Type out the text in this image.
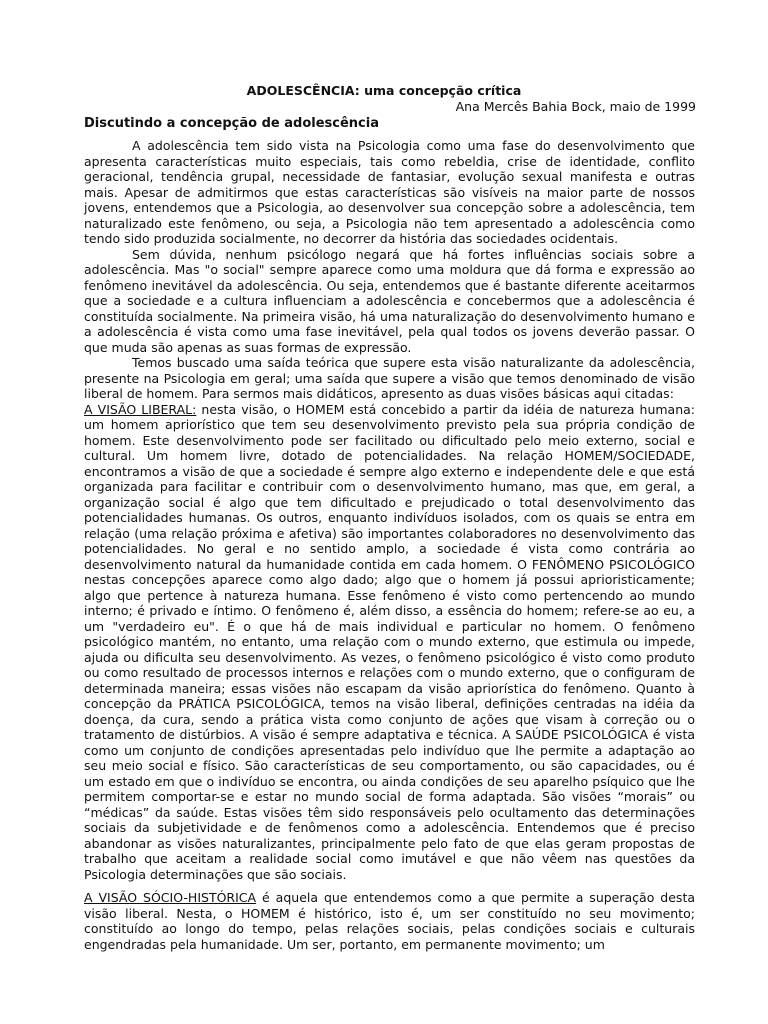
ADOLESCÊNCIA: uma concepção crítica
Ana Mercês Bahia Bock, maio de 1999
Discutindo a concepção de adolescência

A adolescência tem sido vista na Psicologia como uma fase do desenvolvimento que apresenta características muito especiais, tais como rebeldia, crise de identidade, conflito geracional, tendência grupal, necessidade de fantasiar, evolução sexual manifesta e outras mais. Apesar de admitirmos que estas características são visíveis na maior parte de nossos jovens, entendemos que a Psicologia, ao desenvolver sua concepção sobre a adolescência, tem naturalizado este fenômeno, ou seja, a Psicologia não tem apresentado a adolescência como tendo sido produzida socialmente, no decorrer da história das sociedades ocidentais.

Sem dúvida, nenhum psicólogo negará que há fortes influências sociais sobre a adolescência. Mas "o social" sempre aparece como uma moldura que dá forma e expressão ao fenômeno inevitável da adolescência. Ou seja, entendemos que é bastante diferente aceitarmos que a sociedade e a cultura influenciam a adolescência e concebermos que a adolescência é constituída socialmente. Na primeira visão, há uma naturalização do desenvolvimento humano e a adolescência é vista como uma fase inevitável, pela qual todos os jovens deverão passar. O que muda são apenas as suas formas de expressão.

Temos buscado uma saída teórica que supere esta visão naturalizante da adolescência, presente na Psicologia em geral; uma saída que supere a visão que temos denominado de visão liberal de homem. Para sermos mais didáticos, apresento as duas visões básicas aqui citadas:

A VISÃO LIBERAL: nesta visão, o HOMEM está concebido a partir da idéia de natureza humana: um homem apriorístico que tem seu desenvolvimento previsto pela sua própria condição de homem. Este desenvolvimento pode ser facilitado ou dificultado pelo meio externo, social e cultural. Um homem livre, dotado de potencialidades. Na relação HOMEM/SOCIEDADE, encontramos a visão de que a sociedade é sempre algo externo e independente dele e que está organizada para facilitar e contribuir com o desenvolvimento humano, mas que, em geral, a organização social é algo que tem dificultado e prejudicado o total desenvolvimento das potencialidades humanas. Os outros, enquanto indivíduos isolados, com os quais se entra em relação (uma relação próxima e afetiva) são importantes colaboradores no desenvolvimento das potencialidades. No geral e no sentido amplo, a sociedade é vista como contrária ao desenvolvimento natural da humanidade contida em cada homem. O FENÔMENO PSICOLÓGICO nestas concepções aparece como algo dado; algo que o homem já possui aprioristicamente; algo que pertence à natureza humana. Esse fenômeno é visto como pertencendo ao mundo interno; é privado e íntimo. O fenômeno é, além disso, a essência do homem; refere-se ao eu, a um "verdadeiro eu". É o que há de mais individual e particular no homem. O fenômeno psicológico mantém, no entanto, uma relação com o mundo externo, que estimula ou impede, ajuda ou dificulta seu desenvolvimento. As vezes, o fenômeno psicológico é visto como produto ou como resultado de processos internos e relações com o mundo externo, que o configuram de determinada maneira; essas visões não escapam da visão apriorística do fenômeno. Quanto à concepção da PRÁTICA PSICOLÓGICA, temos na visão liberal, definições centradas na idéia da doença, da cura, sendo a prática vista como conjunto de ações que visam à correção ou o tratamento de distúrbios. A visão é sempre adaptativa e técnica. A SAÚDE PSICOLÓGICA é vista como um conjunto de condições apresentadas pelo indivíduo que lhe permite a adaptação ao seu meio social e físico. São características de seu comportamento, ou são capacidades, ou é um estado em que o indivíduo se encontra, ou ainda condições de seu aparelho psíquico que lhe permitem comportar-se e estar no mundo social de forma adaptada. São visões “morais” ou “médicas” da saúde. Estas visões têm sido responsáveis pelo ocultamento das determinações sociais da subjetividade e de fenômenos como a adolescência. Entendemos que é preciso abandonar as visões naturalizantes, principalmente pelo fato de que elas geram propostas de trabalho que aceitam a realidade social como imutável e que não vêem nas questões da Psicologia determinações que são sociais.

A VISÃO SÓCIO-HISTÓRICA é aquela que entendemos como a que permite a superação desta visão liberal. Nesta, o HOMEM é histórico, isto é, um ser constituído no seu movimento; constituído ao longo do tempo, pelas relações sociais, pelas condições sociais e culturais engendradas pela humanidade. Um ser, portanto, em permanente movimento; um
